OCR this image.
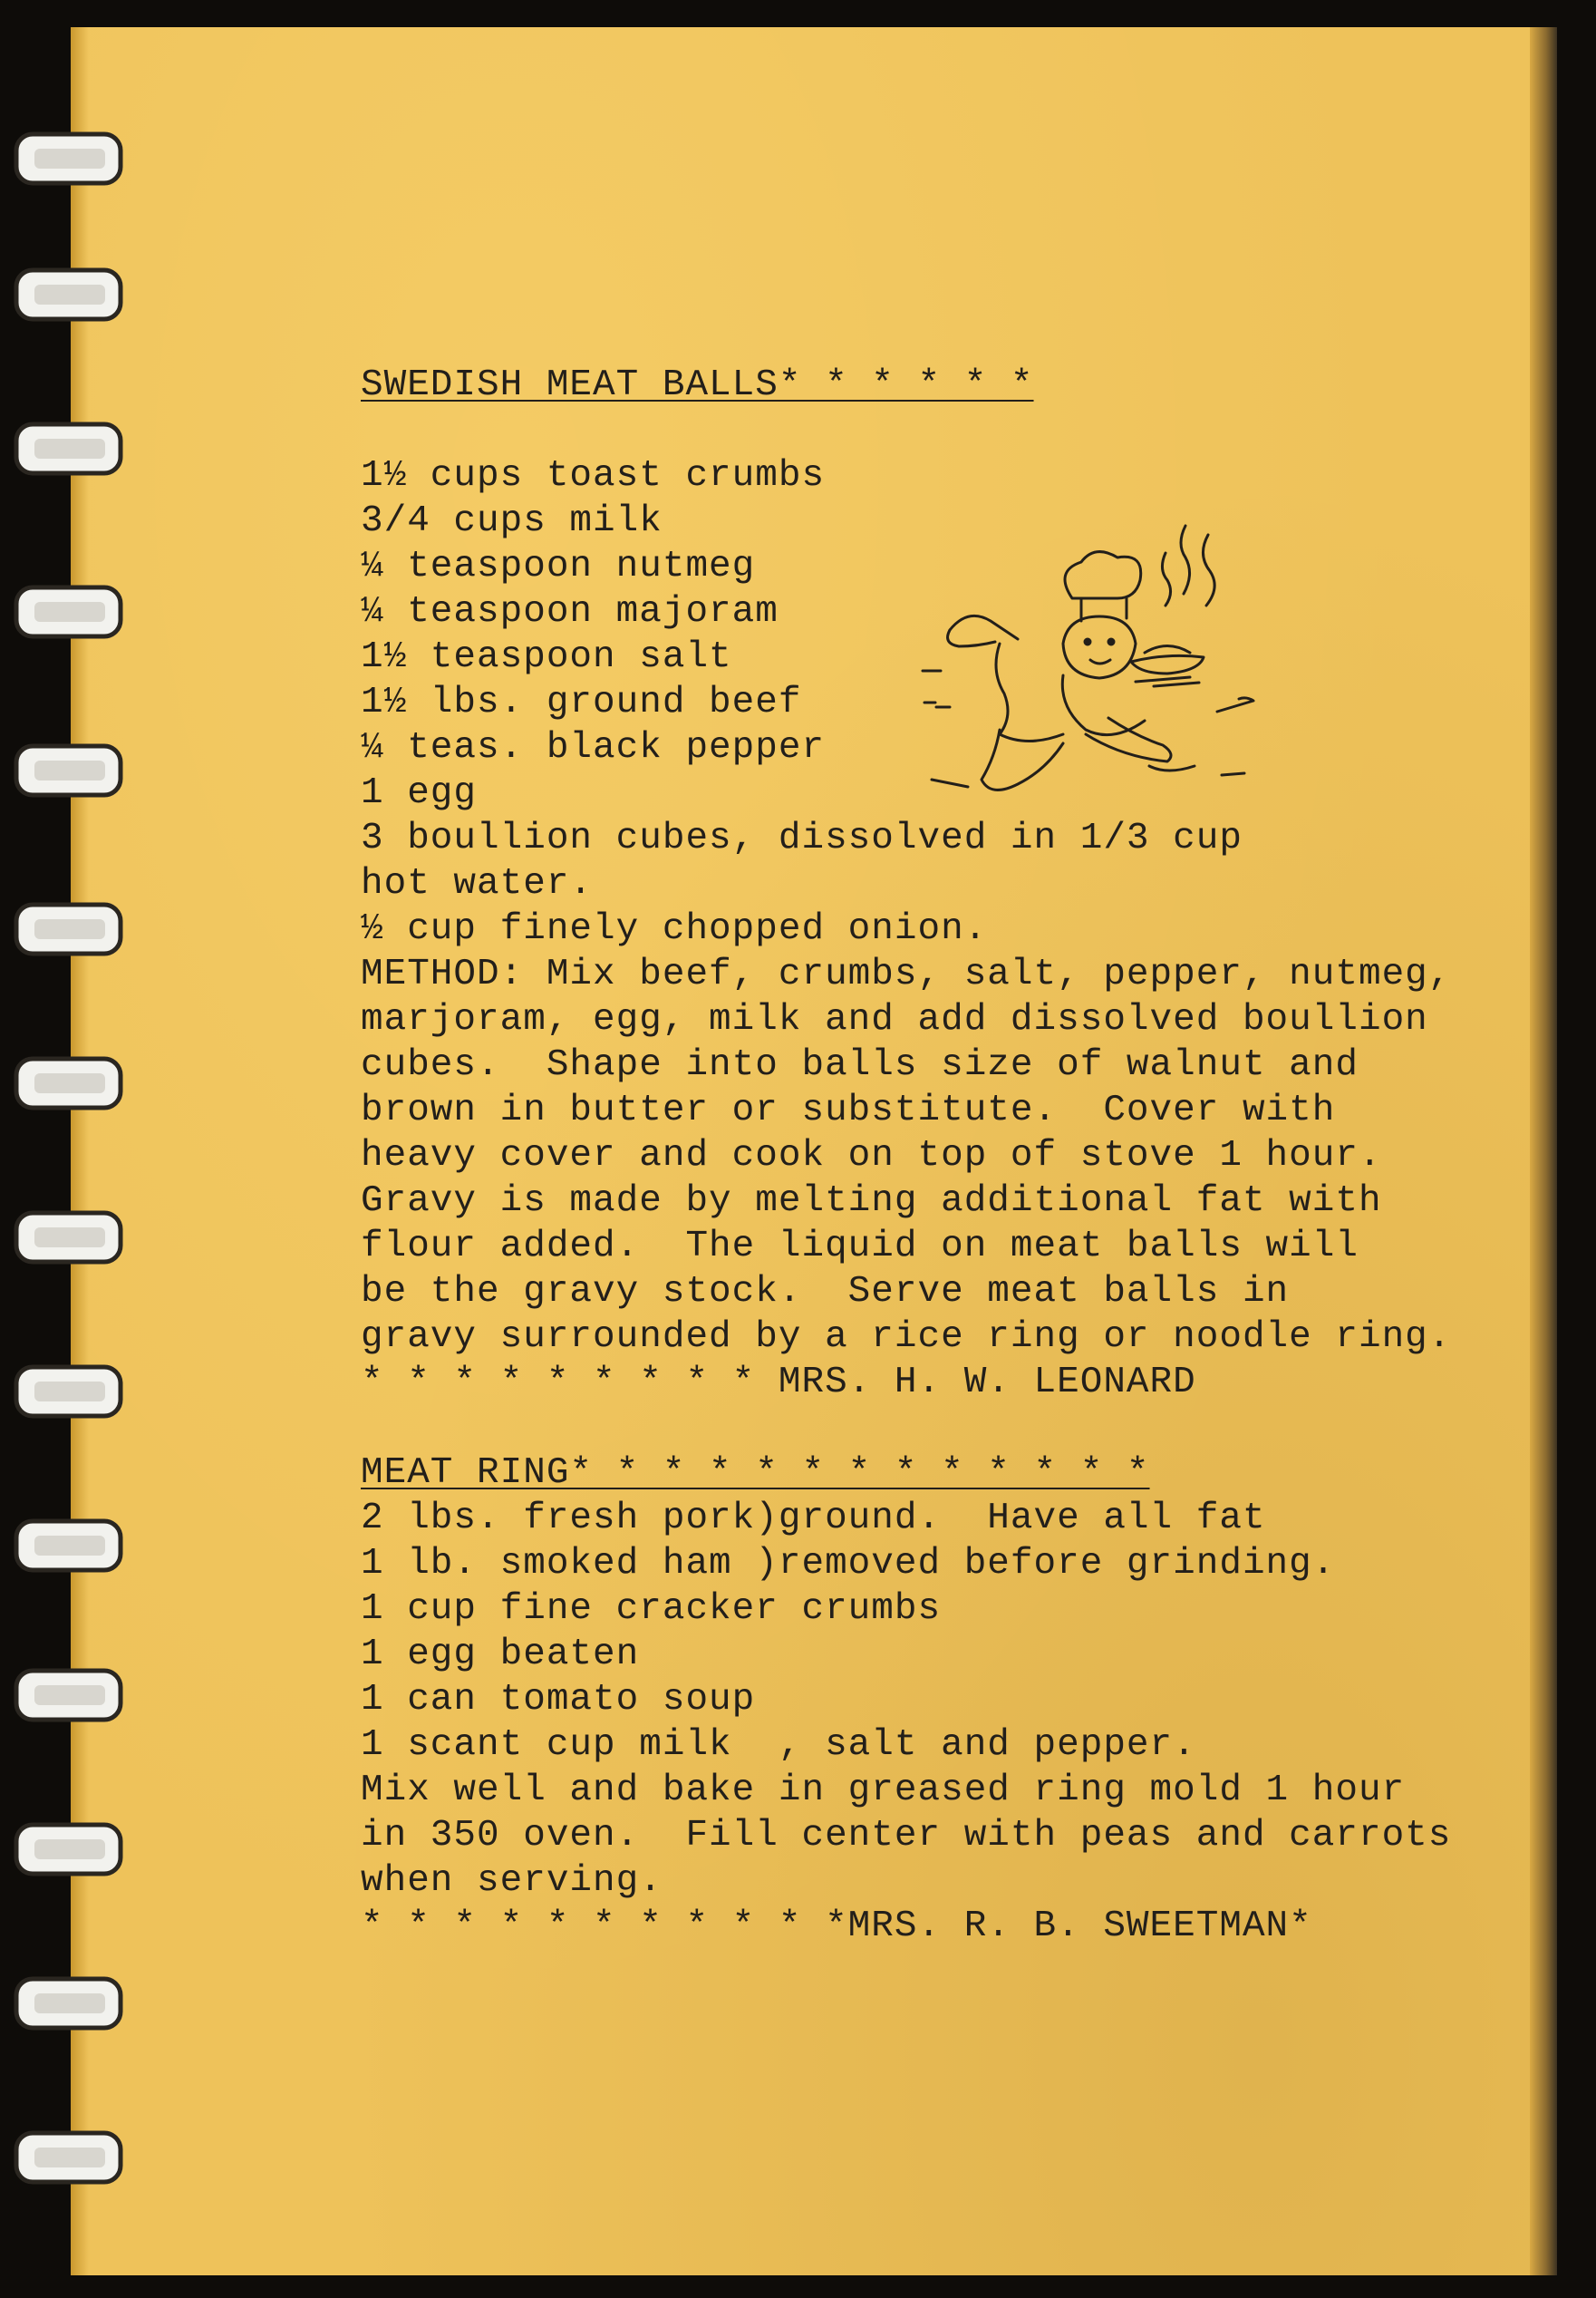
SWEDISH MEAT BALLS* * * * * *
1½ cups toast crumbs
3/4 cups milk
¼ teaspoon nutmeg
¼ teaspoon majoram
1½ teaspoon salt
1½ lbs. ground beef
¼ teas. black pepper
1 egg
3 boullion cubes, dissolved in 1/3 cup
hot water.
½ cup finely chopped onion.
METHOD: Mix beef, crumbs, salt, pepper, nutmeg,
marjoram, egg, milk and add dissolved boullion
cubes.  Shape into balls size of walnut and
brown in butter or substitute.  Cover with
heavy cover and cook on top of stove 1 hour.
Gravy is made by melting additional fat with
flour added.  The liquid on meat balls will
be the gravy stock.  Serve meat balls in
gravy surrounded by a rice ring or noodle ring.
* * * * * * * * * MRS. H. W. LEONARD
MEAT RING* * * * * * * * * * * * *
2 lbs. fresh pork)ground.  Have all fat
1 lb. smoked ham )removed before grinding.
1 cup fine cracker crumbs
1 egg beaten
1 can tomato soup
1 scant cup milk  , salt and pepper.
Mix well and bake in greased ring mold 1 hour
in 350 oven.  Fill center with peas and carrots
when serving.
* * * * * * * * * * *MRS. R. B. SWEETMAN*
